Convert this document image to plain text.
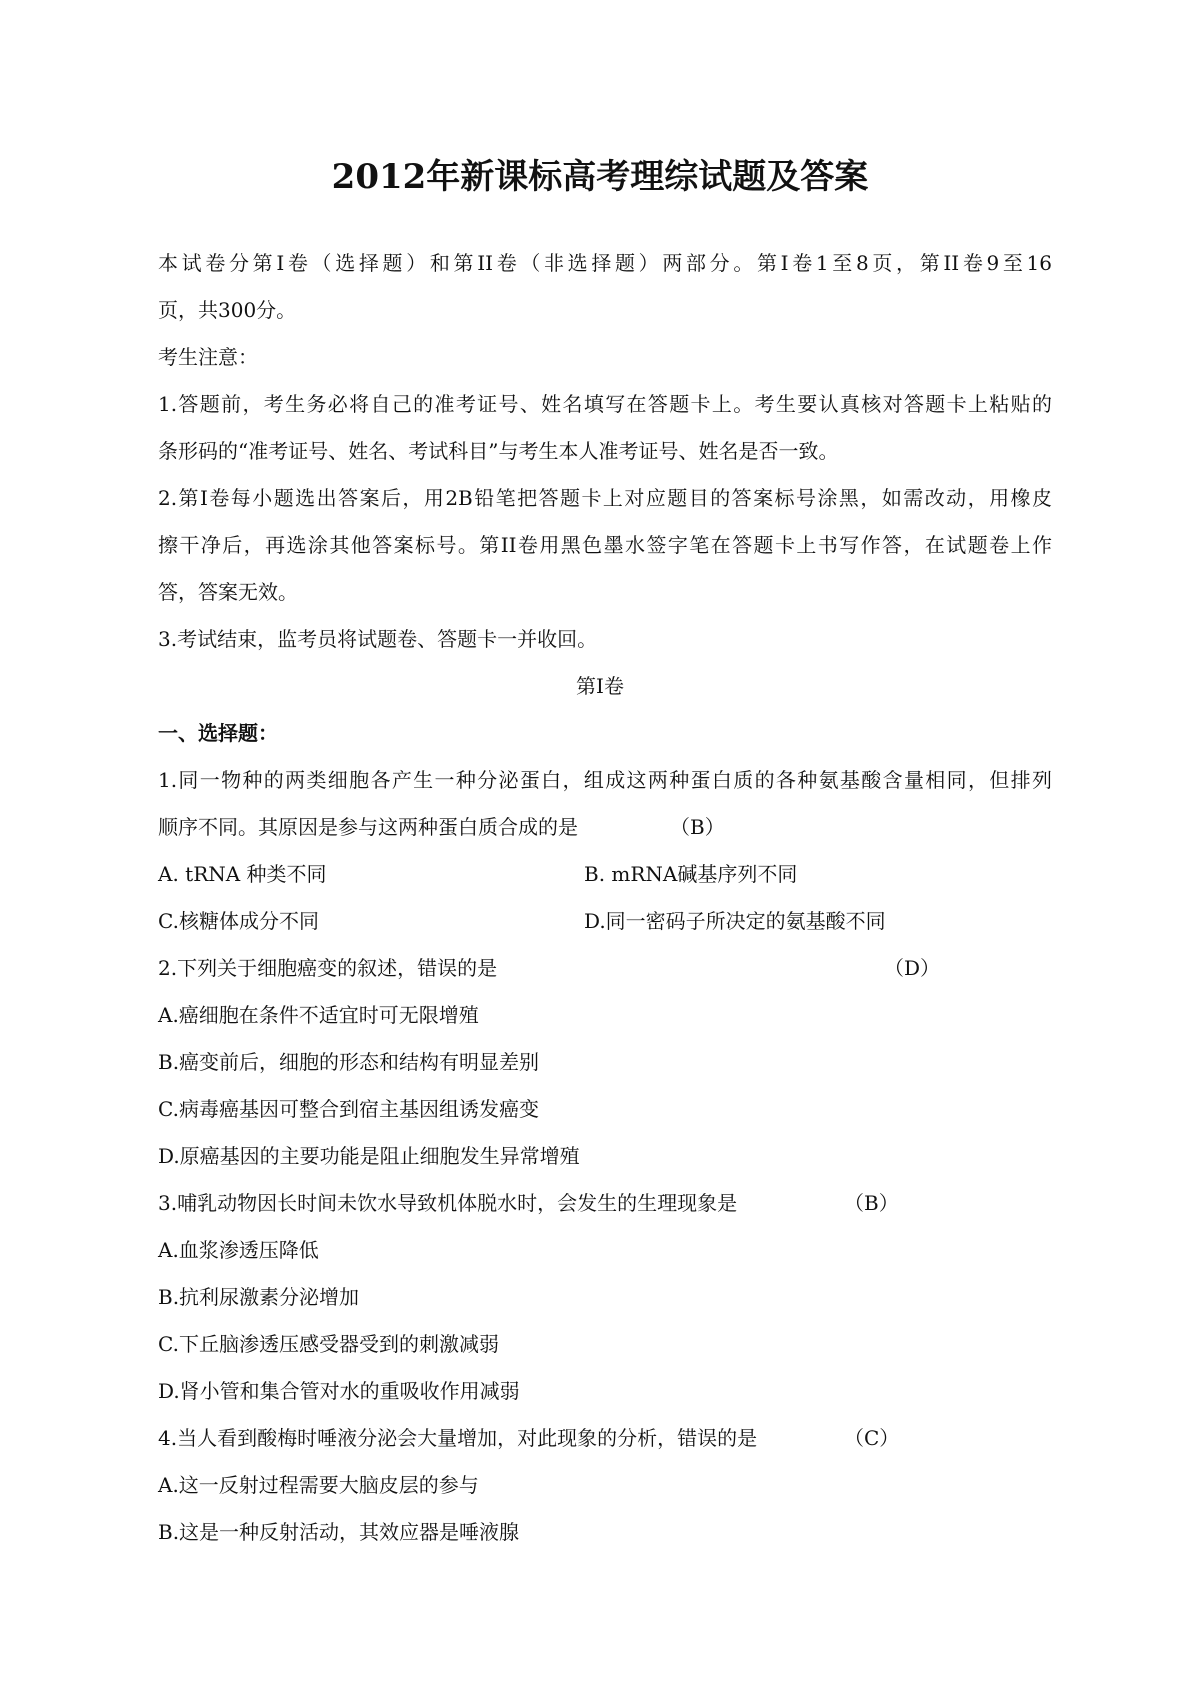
2012年新课标高考理综试题及答案
本试卷分第Ⅰ卷（选择题）和第II卷（非选择题）两部分。第Ⅰ卷1至8页，第II卷9至16
页，共300分。
考生注意：
1.答题前，考生务必将自己的准考证号、姓名填写在答题卡上。考生要认真核对答题卡上粘贴的
条形码的“准考证号、姓名、考试科目”与考生本人准考证号、姓名是否一致。
2.第Ⅰ卷每小题选出答案后，用2B铅笔把答题卡上对应题目的答案标号涂黑，如需改动，用橡皮
擦干净后，再选涂其他答案标号。第II卷用黑色墨水签字笔在答题卡上书写作答，在试题卷上作
答，答案无效。
3.考试结束，监考员将试题卷、答题卡一并收回。
第Ⅰ卷
一、选择题：
1.同一物种的两类细胞各产生一种分泌蛋白，组成这两种蛋白质的各种氨基酸含量相同，但排列
顺序不同。其原因是参与这两种蛋白质合成的是	（B）
A. tRNA 种类不同	B. mRNA碱基序列不同
C.核糖体成分不同	D.同一密码子所决定的氨基酸不同
2.下列关于细胞癌变的叙述，错误的是	（D）
A.癌细胞在条件不适宜时可无限增殖
B.癌变前后，细胞的形态和结构有明显差别
C.病毒癌基因可整合到宿主基因组诱发癌变
D.原癌基因的主要功能是阻止细胞发生异常增殖
3.哺乳动物因长时间未饮水导致机体脱水时，会发生的生理现象是	（B）
A.血浆渗透压降低
B.抗利尿激素分泌增加
C.下丘脑渗透压感受器受到的刺激减弱
D.肾小管和集合管对水的重吸收作用减弱
4.当人看到酸梅时唾液分泌会大量增加，对此现象的分析，错误的是	（C）
A.这一反射过程需要大脑皮层的参与
B.这是一种反射活动，其效应器是唾液腺
